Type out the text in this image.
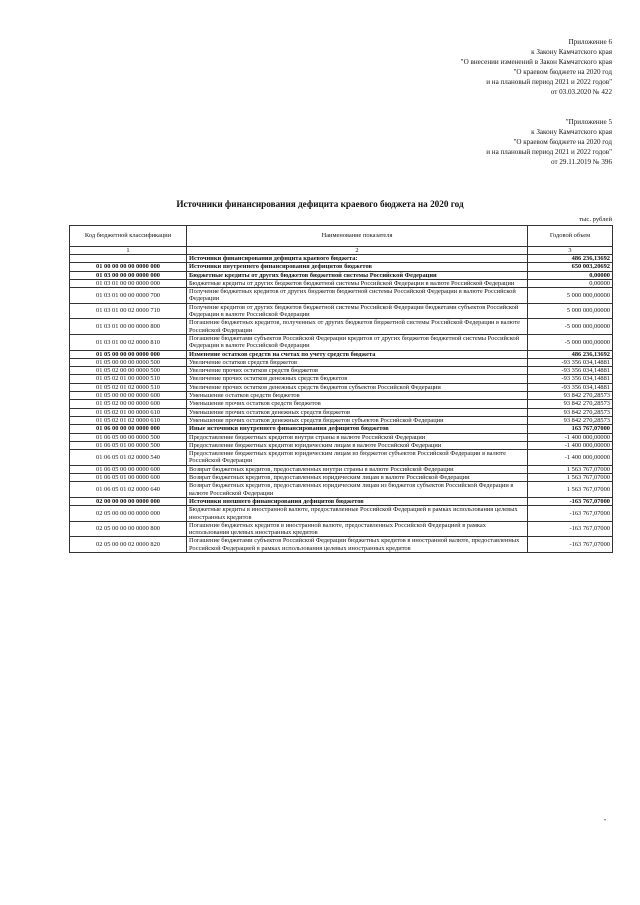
Приложение 6
к Закону Камчатского края
"О внесении изменений в Закон Камчатского края
"О краевом бюджете на 2020 год
и на плановый период 2021 и 2022 годов"
от 03.03.2020 № 422
"Приложение 5
к Закону Камчатского края
"О краевом бюджете на 2020 год
и на плановый период 2021 и 2022 годов"
от 29.11.2019 № 396
Источники финансирования дефицита краевого бюджета на 2020 год
тыс. рублей
Код бюджетной классификации	Наименование показателя	Годовой объем
1	2	3
	Источники финансирования дефицита краевого бюджета:	486 236,13692
01 00 00 00 00 0000 000	Источники внутреннего финансирования дефицитов бюджетов	650 003,20692
01 03 00 00 00 0000 000	Бюджетные кредиты от других бюджетов бюджетной системы Российской Федерации	0,00000
01 03 01 00 00 0000 000	Бюджетные кредиты от других бюджетов бюджетной системы Российской Федерации в валюте Российской Федерации	0,00000
01 03 01 00 00 0000 700	Получение бюджетных кредитов от других бюджетов бюджетной системы Российской Федерации в валюте Российской Федерации	5 000 000,00000
01 03 01 00 02 0000 710	Получение кредитов от других бюджетов бюджетной системы Российской Федерации бюджетами субъектов Российской Федерации в валюте Российской Федерации	5 000 000,00000
01 03 01 00 00 0000 800	Погашение бюджетных кредитов, полученных от других бюджетов бюджетной системы Российской Федерации в валюте Российской Федерации	-5 000 000,00000
01 03 01 00 02 0000 810	Погашение бюджетами субъектов Российской Федерации кредитов от других бюджетов бюджетной системы Российской Федерации в валюте Российской Федерации	-5 000 000,00000
01 05 00 00 00 0000 000	Изменение остатков средств на счетах по учету средств бюджета	486 236,13692
01 05 00 00 00 0000 500	Увеличение остатков средств бюджетов	-93 356 034,14881
01 05 02 00 00 0000 500	Увеличение прочих остатков средств бюджетов	-93 356 034,14881
01 05 02 01 00 0000 510	Увеличение прочих остатков денежных средств бюджетов	-93 356 034,14881
01 05 02 01 02 0000 510	Увеличение прочих остатков денежных средств бюджетов субъектов Российской Федерации	-93 356 034,14881
01 05 00 00 00 0000 600	Уменьшение остатков средств бюджетов	93 842 270,28573
01 05 02 00 00 0000 600	Уменьшение прочих остатков средств бюджетов	93 842 270,28573
01 05 02 01 00 0000 610	Уменьшение прочих остатков денежных средств бюджетов	93 842 270,28573
01 05 02 01 02 0000 610	Уменьшение прочих остатков денежных средств бюджетов субъектов Российской Федерации	93 842 270,28573
01 06 00 00 00 0000 000	Иные источники внутреннего финансирования дефицитов бюджетов	163 767,07000
01 06 05 00 00 0000 500	Предоставление бюджетных кредитов внутри страны в валюте Российской Федерации	-1 400 000,00000
01 06 05 01 00 0000 500	Предоставление бюджетных кредитов юридическим лицам в валюте Российской Федерации	-1 400 000,00000
01 06 05 01 02 0000 540	Предоставление бюджетных кредитов юридическим лицам из бюджетов субъектов Российской Федерации в валюте Российской Федерации	-1 400 000,00000
01 06 05 00 00 0000 600	Возврат бюджетных кредитов, предоставленных внутри страны в валюте Российской Федерации	1 563 767,07000
01 06 05 01 00 0000 600	Возврат бюджетных кредитов, предоставленных юридическим лицам в валюте Российской Федерации	1 563 767,07000
01 06 05 01 02 0000 640	Возврат бюджетных кредитов, предоставленных юридическим лицам из бюджетов субъектов Российской Федерации в валюте Российской Федерации	1 563 767,07000
02 00 00 00 00 0000 000	Источники внешнего финансирования дефицитов бюджетов	-163 767,07000
02 05 00 00 00 0000 000	Бюджетные кредиты в иностранной валюте, предоставленные Российской Федерацией в рамках использования целевых иностранных кредитов	-163 767,07000
02 05 00 00 00 0000 800	Погашение бюджетных кредитов в иностранной валюте, предоставленных Российской Федерацией в рамках использования целевых иностранных кредитов	-163 767,07000
02 05 00 00 02 0000 820	Погашение бюджетами субъектов Российской Федерации бюджетных кредитов в иностранной валюте, предоставленных Российской Федерацией в рамках использования целевых иностранных кредитов	-163 767,07000
"
